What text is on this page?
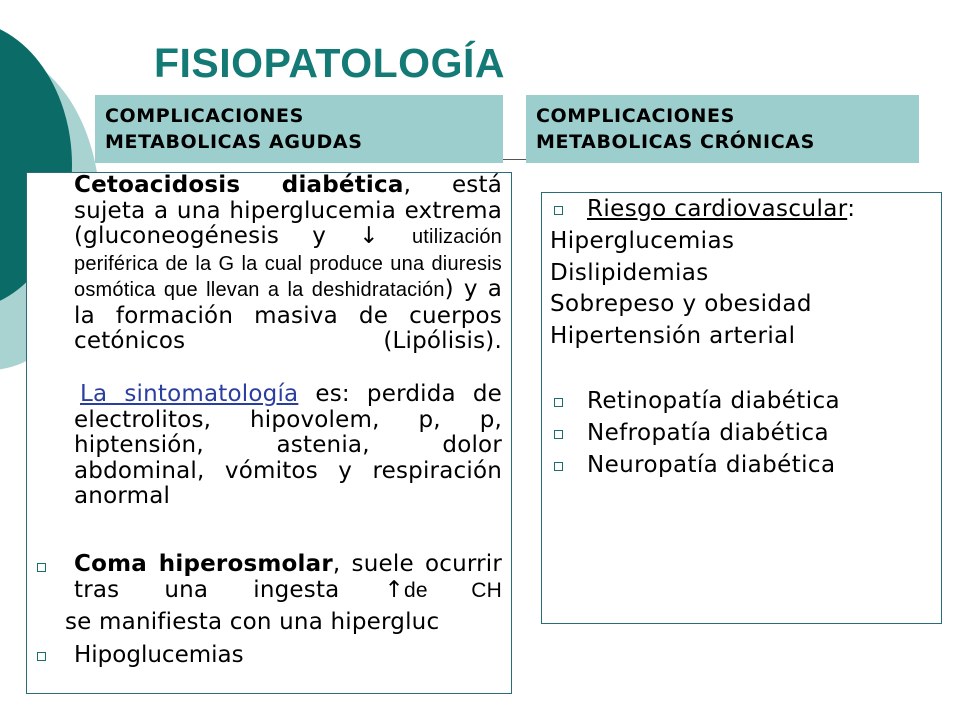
FISIOPATOLOGÍA
COMPLICACIONES
METABOLICAS AGUDAS
COMPLICACIONES
METABOLICAS CRÓNICAS
Cetoacidosis diabética, está sujeta a una hiperglucemia extrema (gluconeogénesis y ↓ utilización periférica de la G la cual produce una diuresis osmótica que llevan a la deshidratación) y a la formación masiva de cuerpos cetónicos (Lipólisis).
La sintomatología es: perdida de electrolitos, hipovolem, p, p, hiptensión, astenia, dolor abdominal, vómitos y respiración anormal
Coma hiperosmolar, suele ocurrir tras una ingesta ↑de CH
se manifiesta con una hipergluc
Hipoglucemias
Riesgo cardiovascular:
Hiperglucemias
Dislipidemias
Sobrepeso y obesidad
Hipertensión arterial
Retinopatía diabética
Nefropatía diabética
Neuropatía diabética
